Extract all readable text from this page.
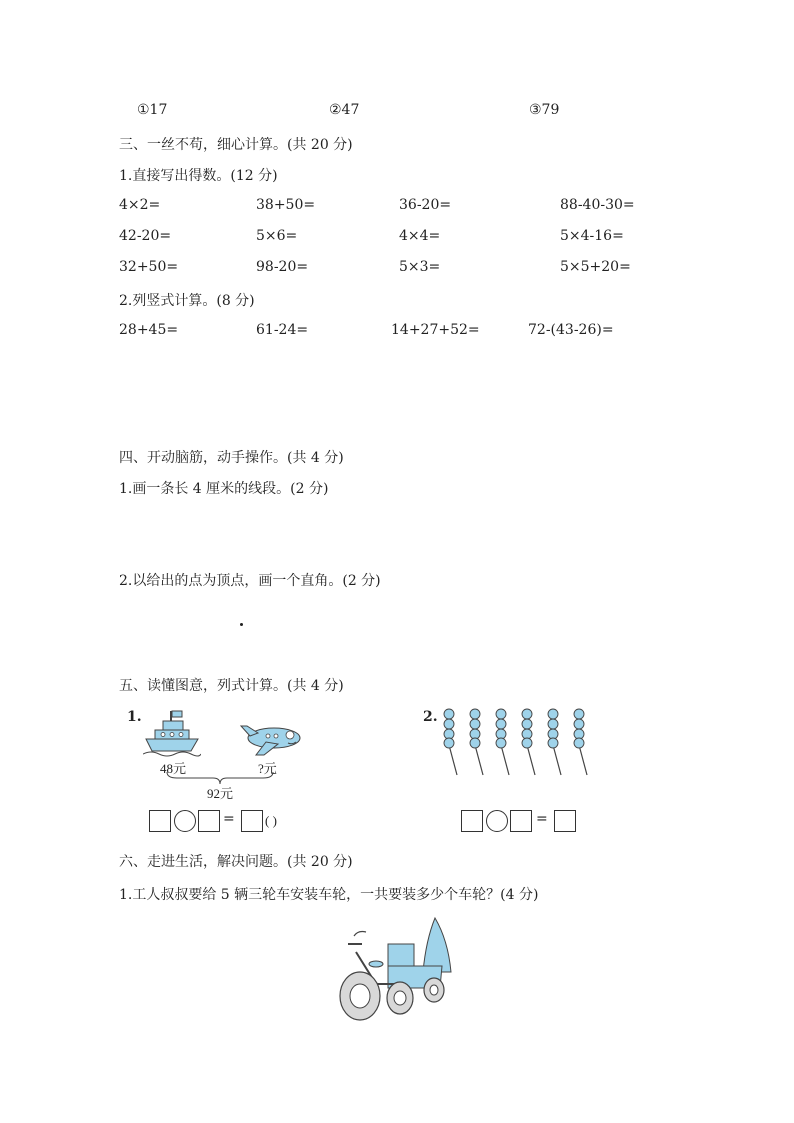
①17	②47	③79
三、一丝不苟，细心计算。(共 20 分)
1.直接写出得数。(12 分)
4×2=	38+50=	36-20=	88-40-30=
42-20=	5×6=	4×4=	5×4-16=
32+50=	98-20=	5×3=	5×5+20=
2.列竖式计算。(8 分)
28+45=	61-24=	14+27+52=	72-(43-26)=
四、开动脑筋，动手操作。(共 4 分)
1.画一条长 4 厘米的线段。(2 分)
2.以给出的点为顶点，画一个直角。(2 分)
五、读懂图意，列式计算。(共 4 分)
1.
48元	?元
92元
= ( )
2.
=
六、走进生活，解决问题。(共 20 分)
1.工人叔叔要给 5 辆三轮车安装车轮，一共要装多少个车轮？(4 分)
